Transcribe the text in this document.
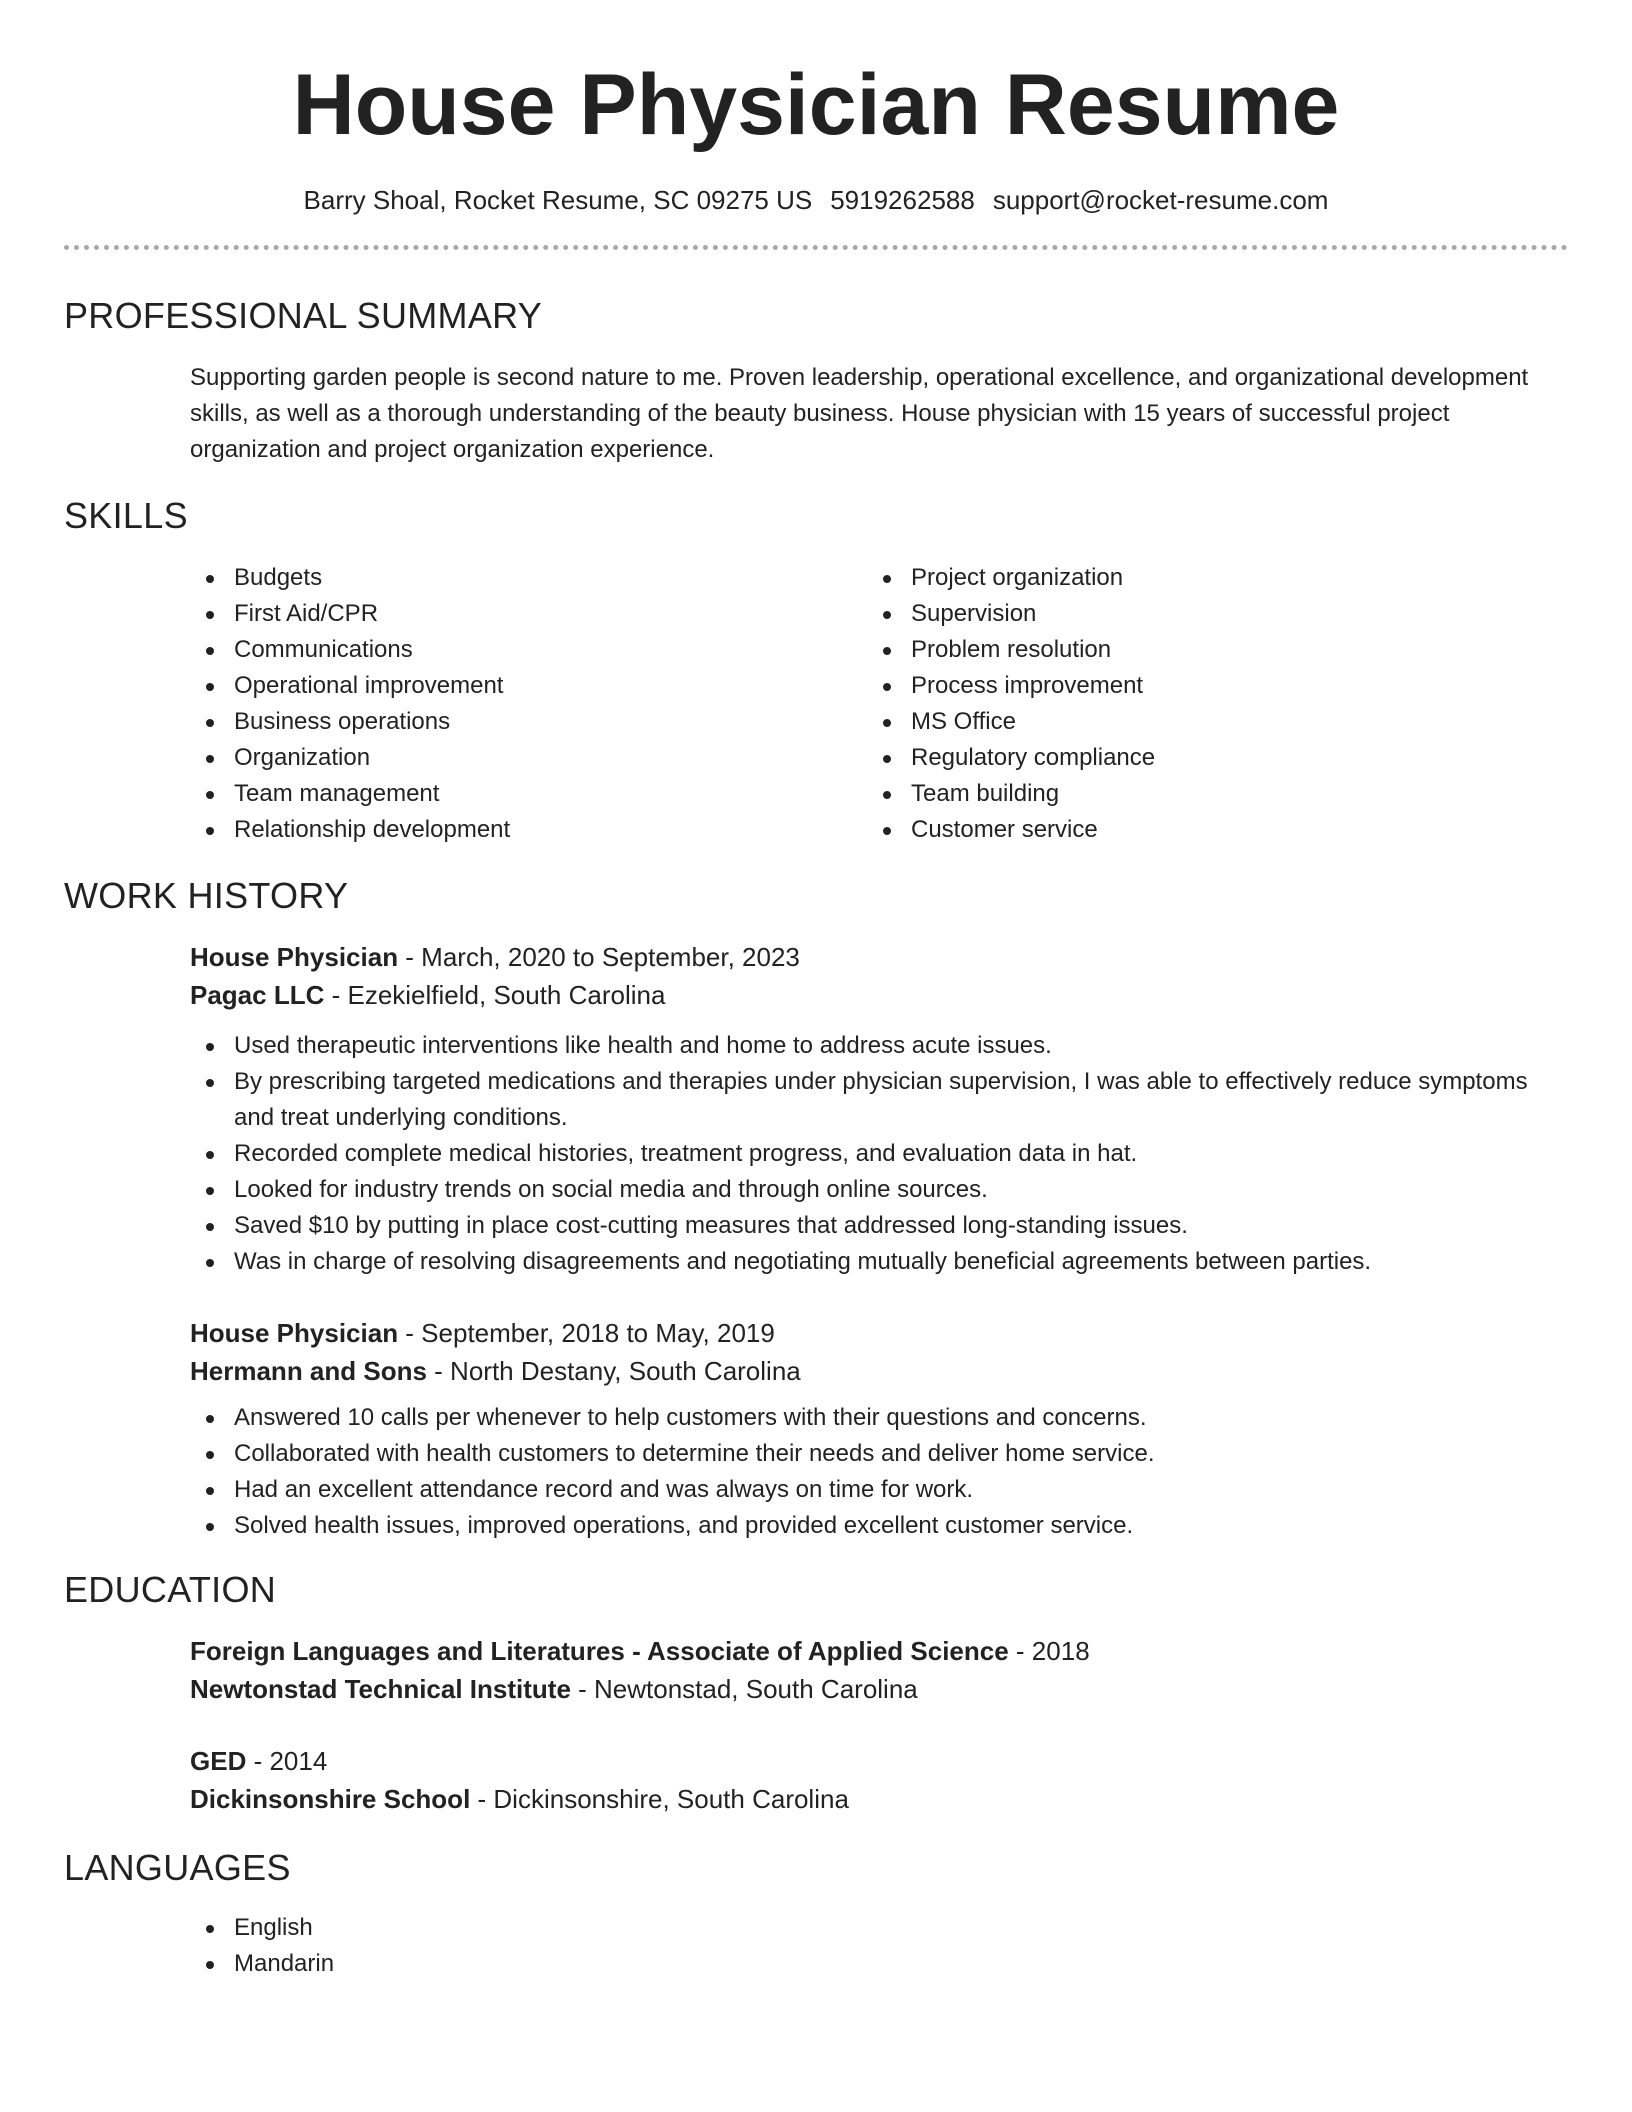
House Physician Resume
Barry Shoal, Rocket Resume, SC 09275 US 5919262588 support@rocket-resume.com
PROFESSIONAL SUMMARY

Supporting garden people is second nature to me. Proven leadership, operational excellence, and organizational development skills, as well as a thorough understanding of the beauty business. House physician with 15 years of successful project organization and project organization experience.

SKILLS
Budgets
First Aid/CPR
Communications
Operational improvement
Business operations
Organization
Team management
Relationship development
Project organization
Supervision
Problem resolution
Process improvement
MS Office
Regulatory compliance
Team building
Customer service
WORK HISTORY
House Physician - March, 2020 to September, 2023
Pagac LLC - Ezekielfield, South Carolina
Used therapeutic interventions like health and home to address acute issues.
By prescribing targeted medications and therapies under physician supervision, I was able to effectively reduce symptoms and treat underlying conditions.
Recorded complete medical histories, treatment progress, and evaluation data in hat.
Looked for industry trends on social media and through online sources.
Saved $10 by putting in place cost-cutting measures that addressed long-standing issues.
Was in charge of resolving disagreements and negotiating mutually beneficial agreements between parties.
House Physician - September, 2018 to May, 2019
Hermann and Sons - North Destany, South Carolina
Answered 10 calls per whenever to help customers with their questions and concerns.
Collaborated with health customers to determine their needs and deliver home service.
Had an excellent attendance record and was always on time for work.
Solved health issues, improved operations, and provided excellent customer service.
EDUCATION
Foreign Languages and Literatures - Associate of Applied Science - 2018
Newtonstad Technical Institute - Newtonstad, South Carolina
GED - 2014
Dickinsonshire School - Dickinsonshire, South Carolina
LANGUAGES
English
Mandarin
